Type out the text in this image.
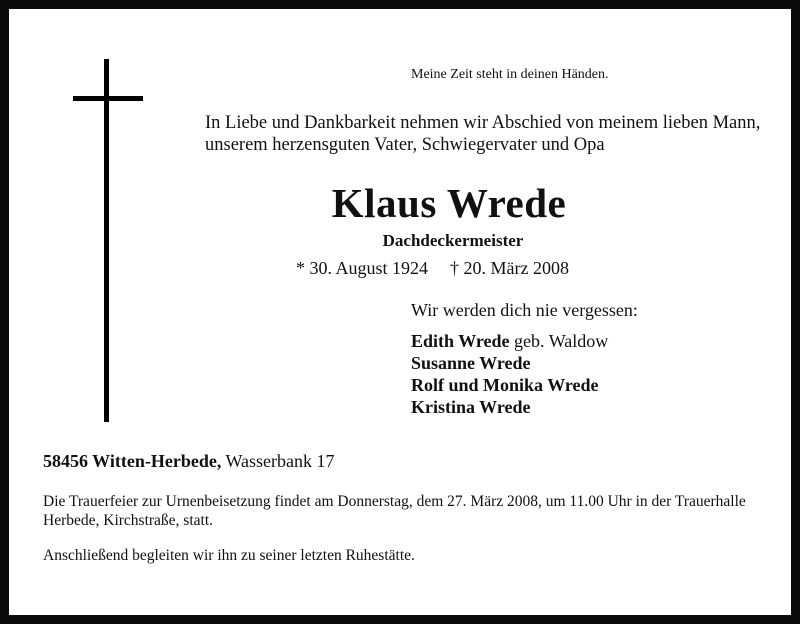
Meine Zeit steht in deinen Händen.
In Liebe und Dankbarkeit nehmen wir Abschied von meinem lieben Mann, unserem herzensguten Vater, Schwiegervater und Opa
Klaus Wrede
Dachdeckermeister
* 30. August 1924 † 20. März 2008
Wir werden dich nie vergessen:
Edith Wrede geb. Waldow
Susanne Wrede
Rolf und Monika Wrede
Kristina Wrede
58456 Witten-Herbede, Wasserbank 17
Die Trauerfeier zur Urnenbeisetzung findet am Donnerstag, dem 27. März 2008, um 11.00 Uhr in der Trauerhalle Herbede, Kirchstraße, statt.
Anschließend begleiten wir ihn zu seiner letzten Ruhestätte.
